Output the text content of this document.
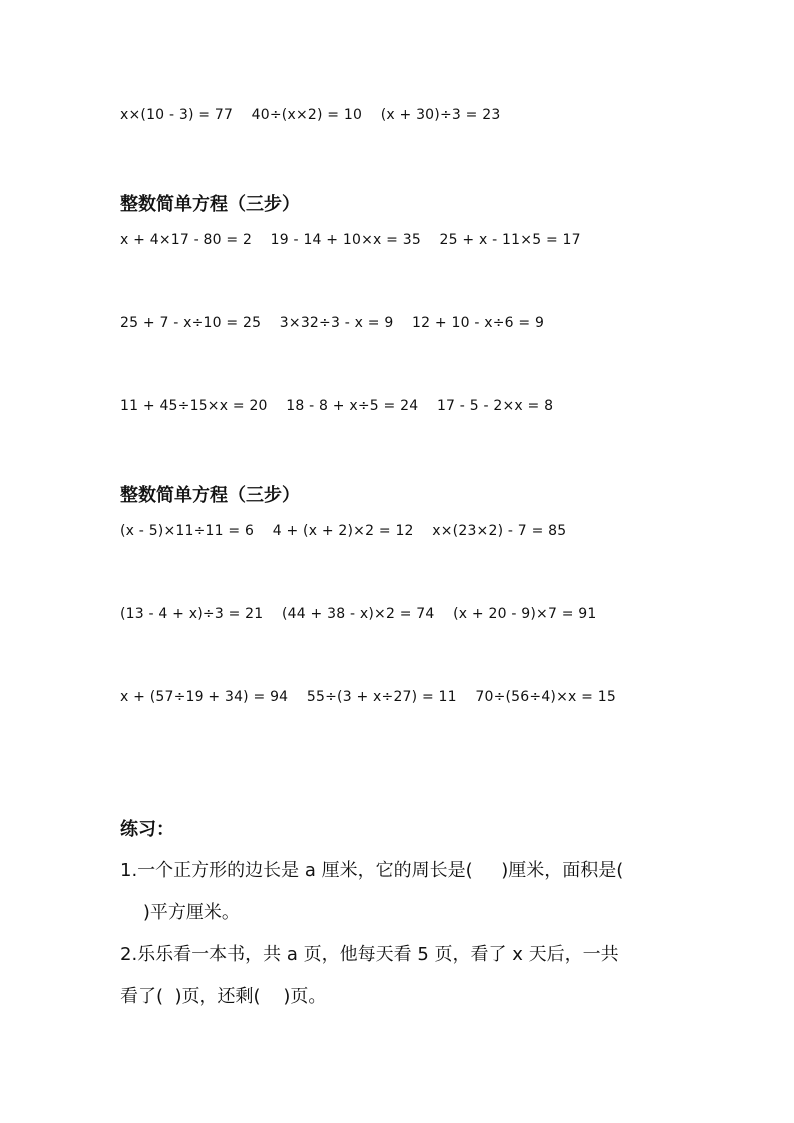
x×(10 - 3) = 77    40÷(x×2) = 10    (x + 30)÷3 = 23
整数简单方程（三步）
x + 4×17 - 80 = 2    19 - 14 + 10×x = 35    25 + x - 11×5 = 17
25 + 7 - x÷10 = 25    3×32÷3 - x = 9    12 + 10 - x÷6 = 9
11 + 45÷15×x = 20    18 - 8 + x÷5 = 24    17 - 5 - 2×x = 8
整数简单方程（三步）
(x - 5)×11÷11 = 6    4 + (x + 2)×2 = 12    x×(23×2) - 7 = 85
(13 - 4 + x)÷3 = 21    (44 + 38 - x)×2 = 74    (x + 20 - 9)×7 = 91
x + (57÷19 + 34) = 94    55÷(3 + x÷27) = 11    70÷(56÷4)×x = 15
练习：
1.一个正方形的边长是 a 厘米，它的周长是(     )厘米，面积是(
)平方厘米。
2.乐乐看一本书，共 a 页，他每天看 5 页，看了 x 天后，一共
看了(  )页，还剩(    )页。
